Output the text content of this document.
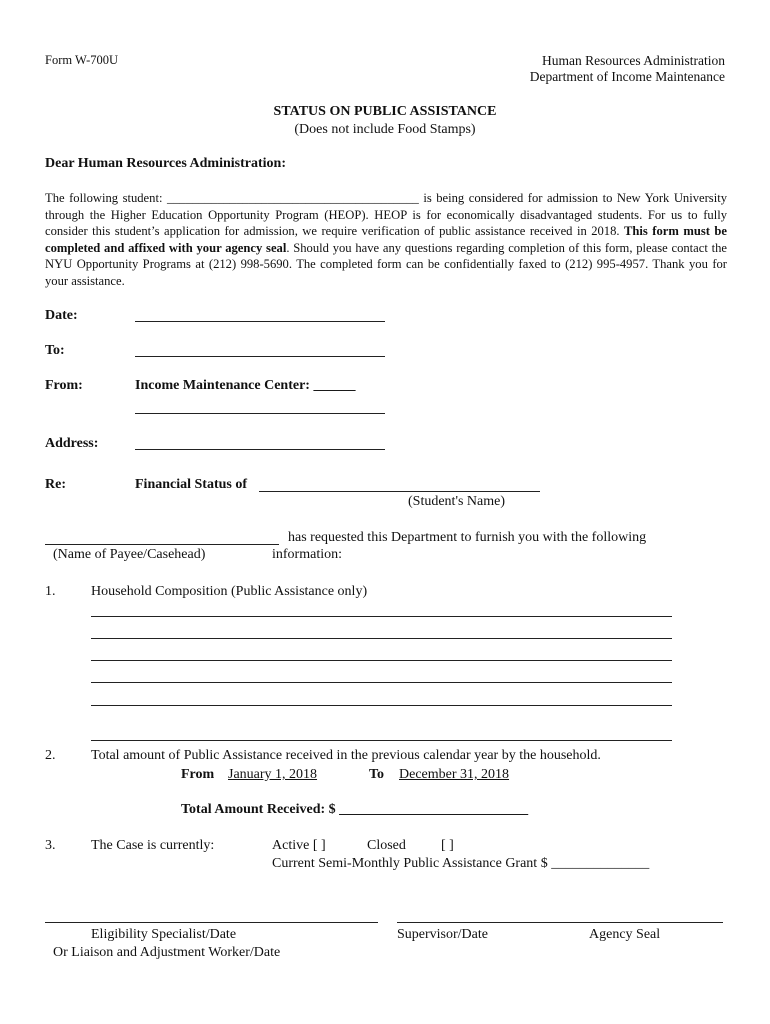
Form W-700U	Human Resources Administration
Department of Income Maintenance
STATUS ON PUBLIC ASSISTANCE
(Does not include Food Stamps)
Dear Human Resources Administration:
The following student: ________________________________________ is being considered for admission to New York University through the Higher Education Opportunity Program (HEOP). HEOP is for economically disadvantaged students. For us to fully consider this student’s application for admission, we require verification of public assistance received in 2018. This form must be completed and affixed with your agency seal. Should you have any questions regarding completion of this form, please contact the NYU Opportunity Programs at (212) 998-5690. The completed form can be confidentially faxed to (212) 995-4957. Thank you for your assistance.
Date:
To:
From:	Income Maintenance Center: ______
Address:
Re:	Financial Status of
(Student's Name)
has requested this Department to furnish you with the following
(Name of Payee/Casehead)	information:
1.	Household Composition (Public Assistance only)
2.	Total amount of Public Assistance received in the previous calendar year by the household.
From January 1, 2018	To December 31, 2018
Total Amount Received: $ ___________________________
3.	The Case is currently:	Active [ ]	Closed	[ ]
Current Semi-Monthly Public Assistance Grant $ ______________
Eligibility Specialist/Date
Or Liaison and Adjustment Worker/Date
Supervisor/Date	Agency Seal
